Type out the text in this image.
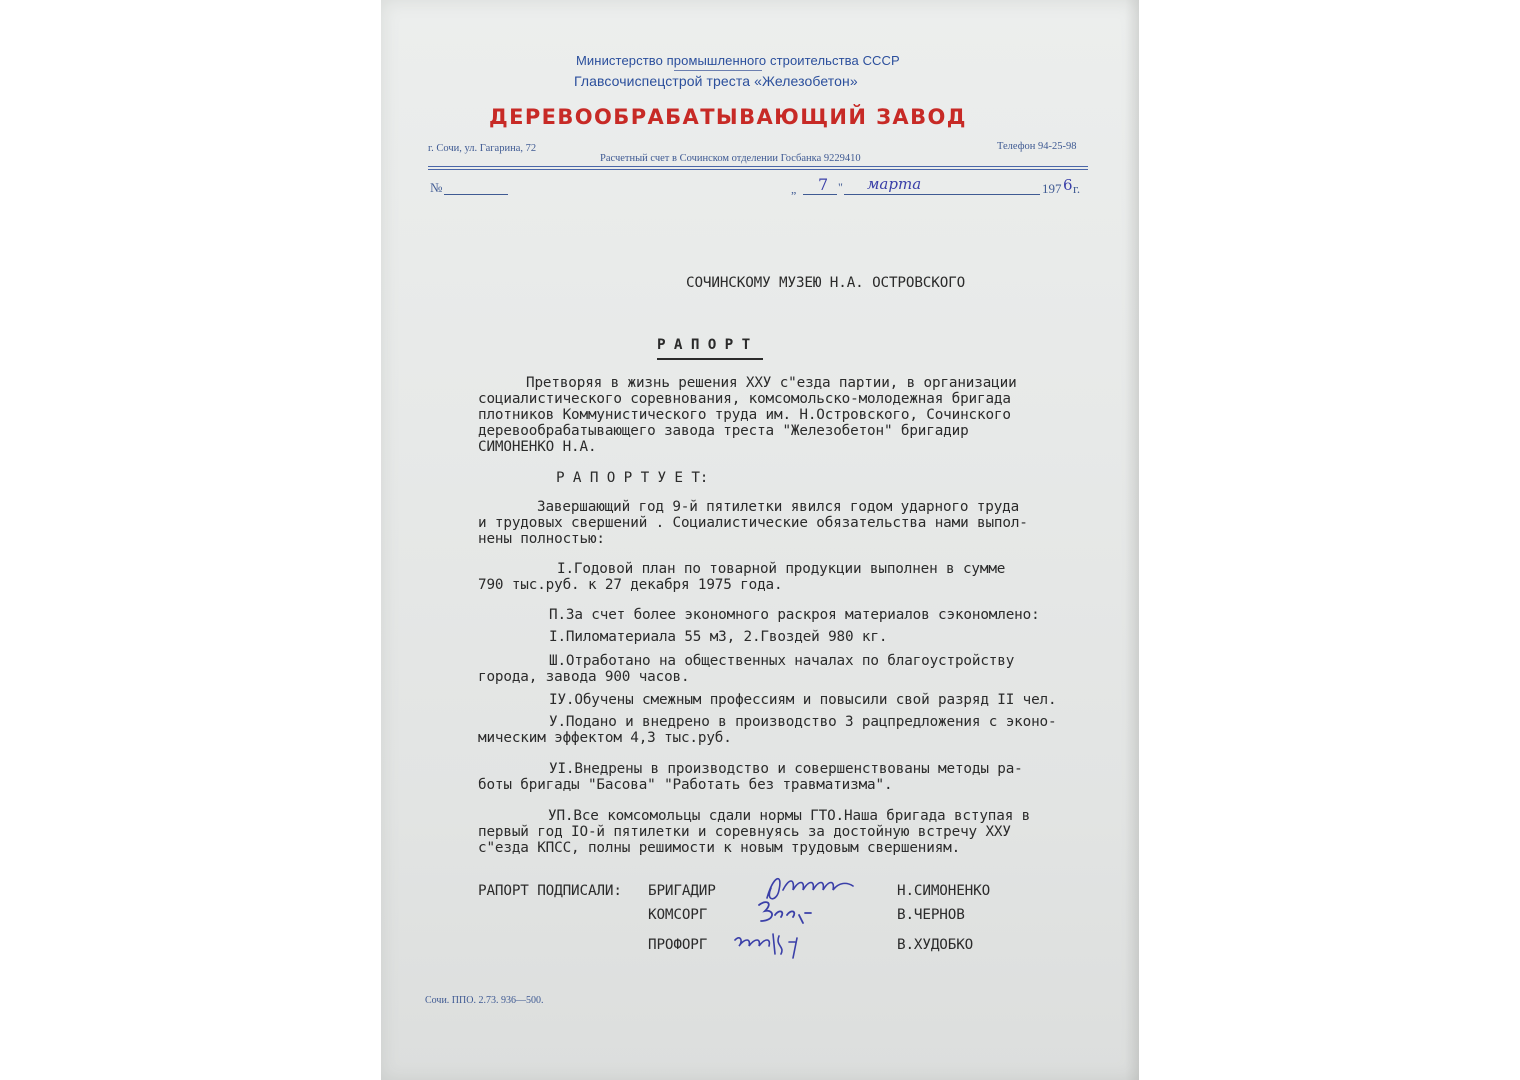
Министерство промышленного строительства СССР
Главсочиспецстрой треста «Железобетон»
ДЕРЕВООБРАБАТЫВАЮЩИЙ ЗАВОД
г. Сочи, ул. Гагарина, 72
Расчетный счет в Сочинском отделении Госбанка 9229410
Телефон 94-25-98
№	„ 7 " марта	197 6 г.
СОЧИНСКОМУ МУЗЕЮ Н.А. ОСТРОВСКОГО
Р А П О Р Т
Претворяя в жизнь решения ХХУ с"езда партии, в организации
социалистического соревнования, комсомольско-молодежная бригада
плотников Коммунистического труда им. Н.Островского, Сочинского
деревообрабатывающего завода треста "Железобетон" бригадир
СИМОНЕНКО Н.А.
Р А П О Р Т У Е Т:
Завершающий год 9-й пятилетки явился годом ударного труда
и трудовых свершений . Социалистические обязательства нами выпол-
нены полностью:
I.Годовой план по товарной продукции выполнен в сумме
790 тыс.руб. к 27 декабря 1975 года.
П.За счет более экономного раскроя материалов сэкономлено:
I.Пиломатериала 55 м3, 2.Гвоздей 980 кг.
Ш.Отработано на общественных началах по благоустройству
города, завода 900 часов.
IУ.Обучены смежным профессиям и повысили свой разряд II чел.
У.Подано и внедрено в производство 3 рацпредложения с эконо-
мическим эффектом 4,3 тыс.руб.
УI.Внедрены в производство и совершенствованы методы ра-
боты бригады "Басова" "Работать без травматизма".
УП.Все комсомольцы сдали нормы ГТО.Наша бригада вступая в
первый год IO-й пятилетки и соревнуясь за достойную встречу ХХУ
с"езда КПСС, полны решимости к новым трудовым свершениям.
РАПОРТ ПОДПИСАЛИ: БРИГАДИР	Н.СИМОНЕНКО
КОМСОРГ	В.ЧЕРНОВ
ПРОФОРГ	В.ХУДОБКО
Сочи. ППО. 2.73. 936—500.
